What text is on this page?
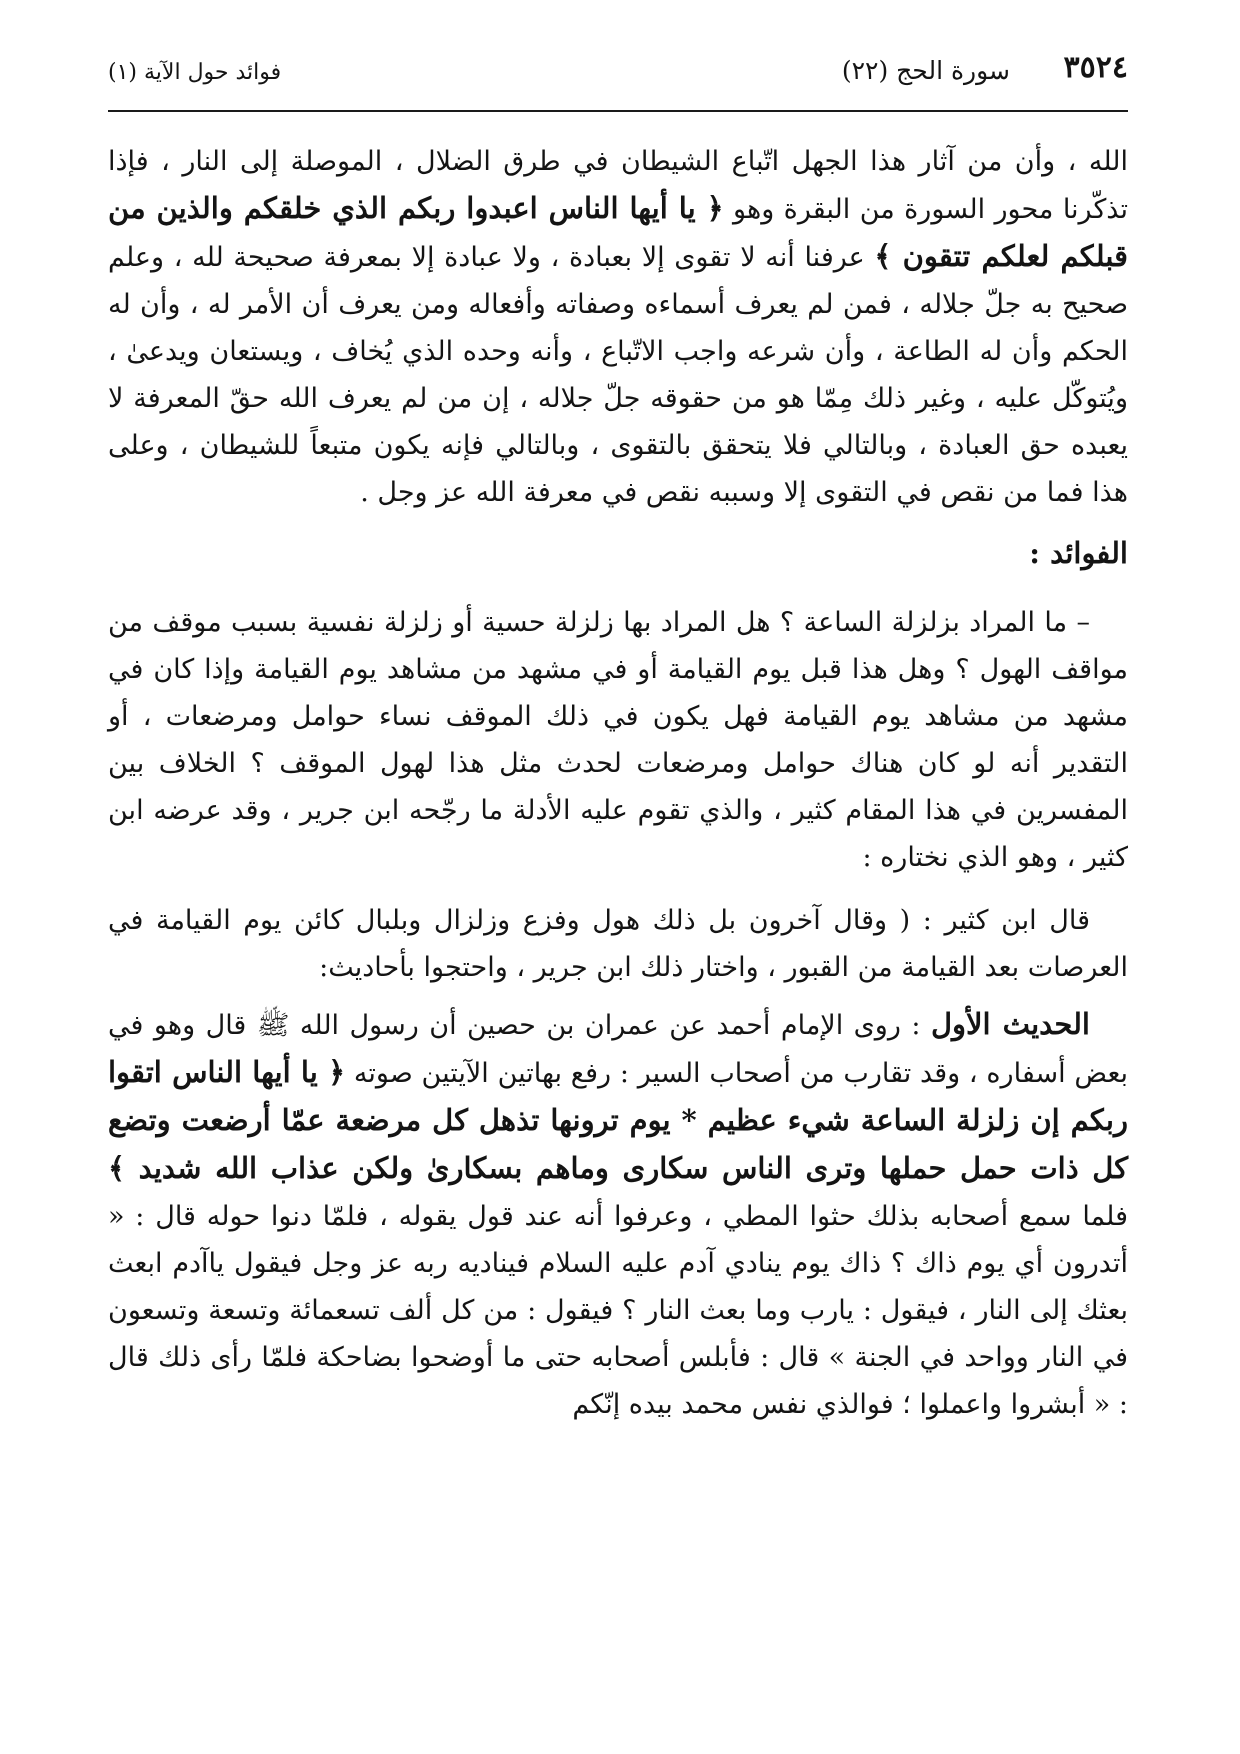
٣٥٢٤
(٢٢) سورة الحج
فوائد حول الآية (١)

الله ، وأن من آثار هذا الجهل اتّباع الشيطان في طرق الضلال ، الموصلة إلى النار ، فإذا تذكّرنا محور السورة من البقرة وهو ﴿ يا أيها الناس اعبدوا ربكم الذي خلقكم والذين من قبلكم لعلكم تتقون ﴾ عرفنا أنه لا تقوى إلا بعبادة ، ولا عبادة إلا بمعرفة صحيحة لله ، وعلم صحيح به جلّ جلاله ، فمن لم يعرف أسماءه وصفاته وأفعاله ومن يعرف أن الأمر له ، وأن له الحكم وأن له الطاعة ، وأن شرعه واجب الاتّباع ، وأنه وحده الذي يُخاف ، ويستعان ويدعىٰ ، ويُتوكّل عليه ، وغير ذلك مِمّا هو من حقوقه جلّ جلاله ، إن من لم يعرف الله حقّ المعرفة لا يعبده حق العبادة ، وبالتالي فلا يتحقق بالتقوى ، وبالتالي فإنه يكون متبعاً للشيطان ، وعلى هذا فما من نقص في التقوى إلا وسببه نقص في معرفة الله عز وجل .

الفوائد :

– ما المراد بزلزلة الساعة ؟ هل المراد بها زلزلة حسية أو زلزلة نفسية بسبب موقف من مواقف الهول ؟ وهل هذا قبل يوم القيامة أو في مشهد من مشاهد يوم القيامة وإذا كان في مشهد من مشاهد يوم القيامة فهل يكون في ذلك الموقف نساء حوامل ومرضعات ، أو التقدير أنه لو كان هناك حوامل ومرضعات لحدث مثل هذا لهول الموقف ؟ الخلاف بين المفسرين في هذا المقام كثير ، والذي تقوم عليه الأدلة ما رجّحه ابن جرير ، وقد عرضه ابن كثير ، وهو الذي نختاره :

قال ابن كثير : ( وقال آخرون بل ذلك هول وفزع وزلزال وبلبال كائن يوم القيامة في العرصات بعد القيامة من القبور ، واختار ذلك ابن جرير ، واحتجوا بأحاديث:

الحديث الأول : روى الإمام أحمد عن عمران بن حصين أن رسول الله ﷺ قال وهو في بعض أسفاره ، وقد تقارب من أصحاب السير : رفع بهاتين الآيتين صوته ﴿ يا أيها الناس اتقوا ربكم إن زلزلة الساعة شيء عظيم * يوم ترونها تذهل كل مرضعة عمّا أرضعت وتضع كل ذات حمل حملها وترى الناس سكارى وماهم بسكارىٰ ولكن عذاب الله شديد ﴾ فلما سمع أصحابه بذلك حثوا المطي ، وعرفوا أنه عند قول يقوله ، فلمّا دنوا حوله قال : « أتدرون أي يوم ذاك ؟ ذاك يوم ينادي آدم عليه السلام فيناديه ربه عز وجل فيقول ياآدم ابعث بعثك إلى النار ، فيقول : يارب وما بعث النار ؟ فيقول : من كل ألف تسعمائة وتسعة وتسعون في النار وواحد في الجنة » قال : فأبلس أصحابه حتى ما أوضحوا بضاحكة فلمّا رأى ذلك قال : « أبشروا واعملوا ؛ فوالذي نفس محمد بيده إنّكم
